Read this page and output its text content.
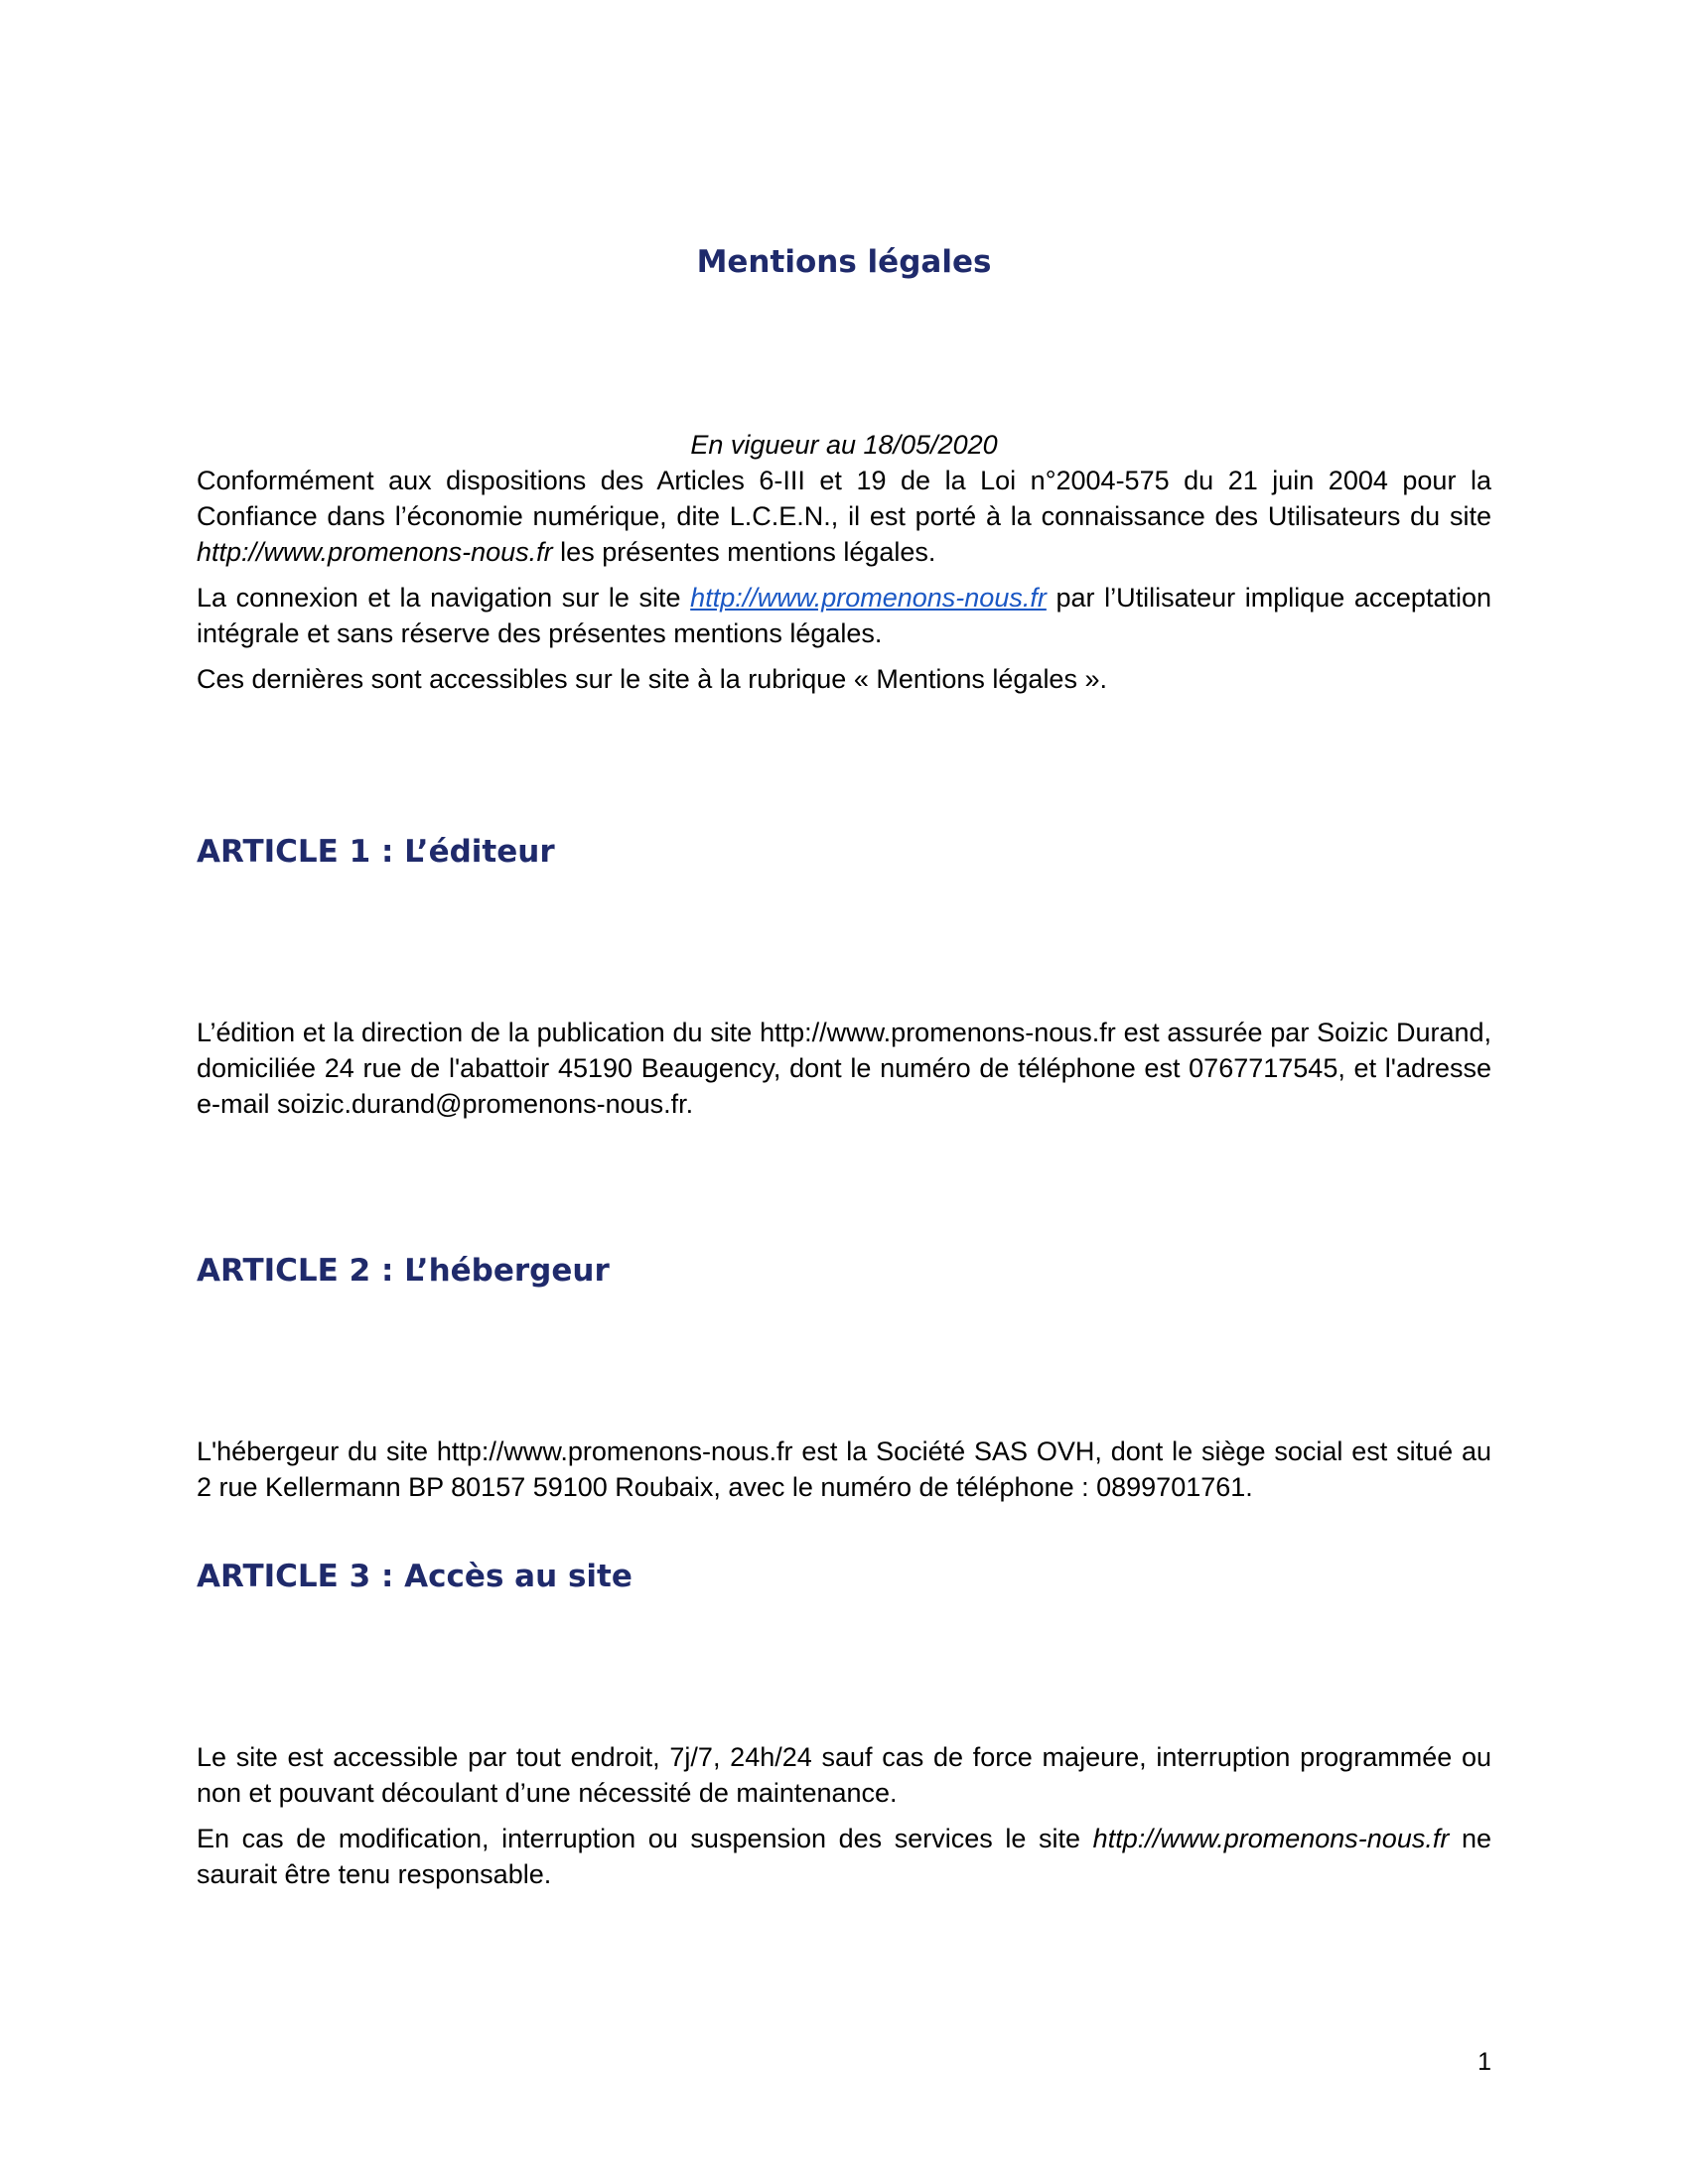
Mentions légales

En vigueur au 18/05/2020

Conformément aux dispositions des Articles 6-III et 19 de la Loi n°2004-575 du 21 juin 2004 pour la Confiance dans l’économie numérique, dite L.C.E.N., il est porté à la connaissance des Utilisateurs du site http://www.promenons-nous.fr les présentes mentions légales.

La connexion et la navigation sur le site http://www.promenons-nous.fr par l’Utilisateur implique acceptation intégrale et sans réserve des présentes mentions légales.

Ces dernières sont accessibles sur le site à la rubrique « Mentions légales ».

ARTICLE 1 : L’éditeur

L’édition et la direction de la publication du site http://www.promenons-nous.fr est assurée par Soizic Durand, domiciliée 24 rue de l'abattoir 45190 Beaugency, dont le numéro de téléphone est 0767717545, et l'adresse e-mail soizic.durand@promenons-nous.fr.

ARTICLE 2 : L’hébergeur

L'hébergeur du site http://www.promenons-nous.fr est la Société SAS OVH, dont le siège social est situé au 2 rue Kellermann BP 80157 59100 Roubaix, avec le numéro de téléphone : 0899701761.

ARTICLE 3 : Accès au site

Le site est accessible par tout endroit, 7j/7, 24h/24 sauf cas de force majeure, interruption programmée ou non et pouvant découlant d’une nécessité de maintenance.

En cas de modification, interruption ou suspension des services le site http://www.promenons-nous.fr ne saurait être tenu responsable.

1
